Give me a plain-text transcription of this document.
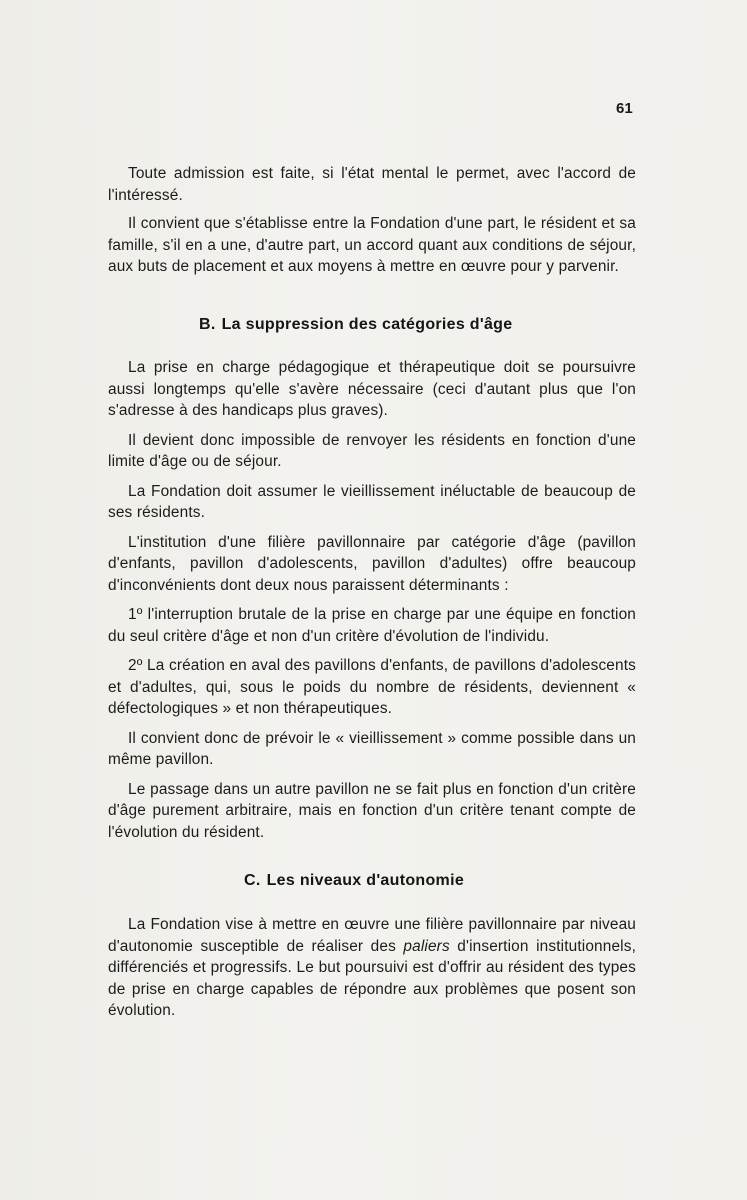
61

Toute admission est faite, si l'état mental le permet, avec l'accord de l'intéressé.

Il convient que s'établisse entre la Fondation d'une part, le résident et sa famille, s'il en a une, d'autre part, un accord quant aux conditions de séjour, aux buts de placement et aux moyens à mettre en œuvre pour y parvenir.

B. La suppression des catégories d'âge

La prise en charge pédagogique et thérapeutique doit se poursuivre aussi longtemps qu'elle s'avère nécessaire (ceci d'autant plus que l'on s'adresse à des handicaps plus graves).

Il devient donc impossible de renvoyer les résidents en fonction d'une limite d'âge ou de séjour.

La Fondation doit assumer le vieillissement inéluctable de beaucoup de ses résidents.

L'institution d'une filière pavillonnaire par catégorie d'âge (pavillon d'enfants, pavillon d'adolescents, pavillon d'adultes) offre beaucoup d'inconvénients dont deux nous paraissent déterminants :

1º l'interruption brutale de la prise en charge par une équipe en fonction du seul critère d'âge et non d'un critère d'évolution de l'individu.

2º La création en aval des pavillons d'enfants, de pavillons d'adolescents et d'adultes, qui, sous le poids du nombre de résidents, deviennent « défectologiques » et non thérapeutiques.

Il convient donc de prévoir le « vieillissement » comme possible dans un même pavillon.

Le passage dans un autre pavillon ne se fait plus en fonction d'un critère d'âge purement arbitraire, mais en fonction d'un critère tenant compte de l'évolution du résident.

C. Les niveaux d'autonomie

La Fondation vise à mettre en œuvre une filière pavillonnaire par niveau d'autonomie susceptible de réaliser des paliers d'insertion institutionnels, différenciés et progressifs. Le but poursuivi est d'offrir au résident des types de prise en charge capables de répondre aux problèmes que posent son évolution.
